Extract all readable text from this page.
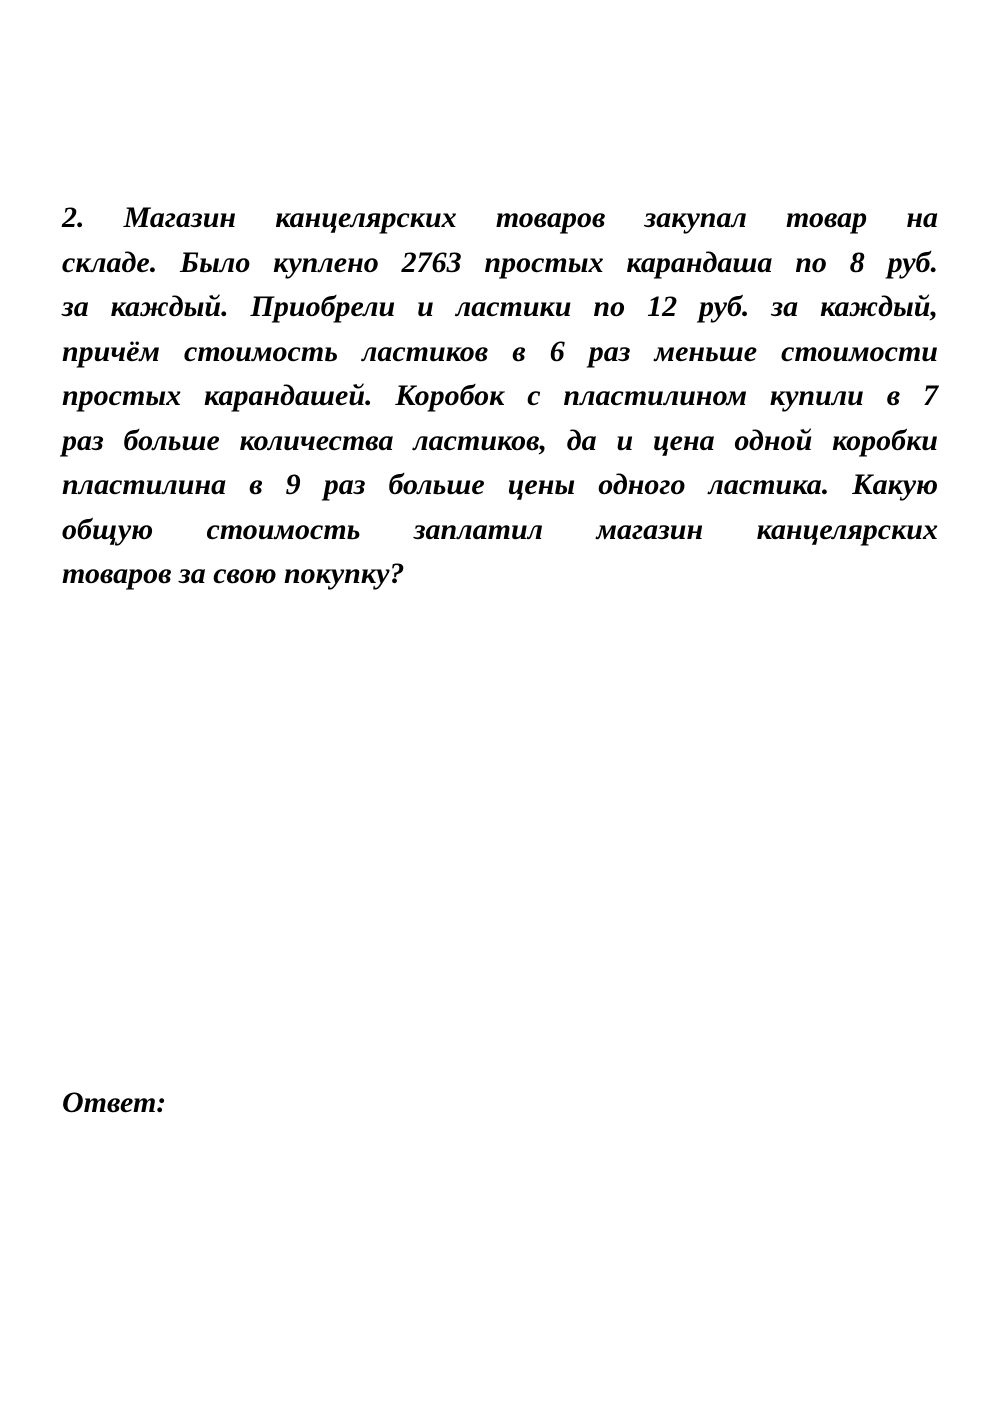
2. Магазин канцелярских товаров закупал товар на
складе. Было куплено 2763 простых карандаша по 8 руб.
за каждый. Приобрели и ластики по 12 руб. за каждый,
причём стоимость ластиков в 6 раз меньше стоимости
простых карандашей. Коробок с пластилином купили в 7
раз больше количества ластиков, да и цена одной коробки
пластилина в 9 раз больше цены одного ластика. Какую
общую стоимость заплатил магазин канцелярских
товаров за свою покупку?
Ответ:
